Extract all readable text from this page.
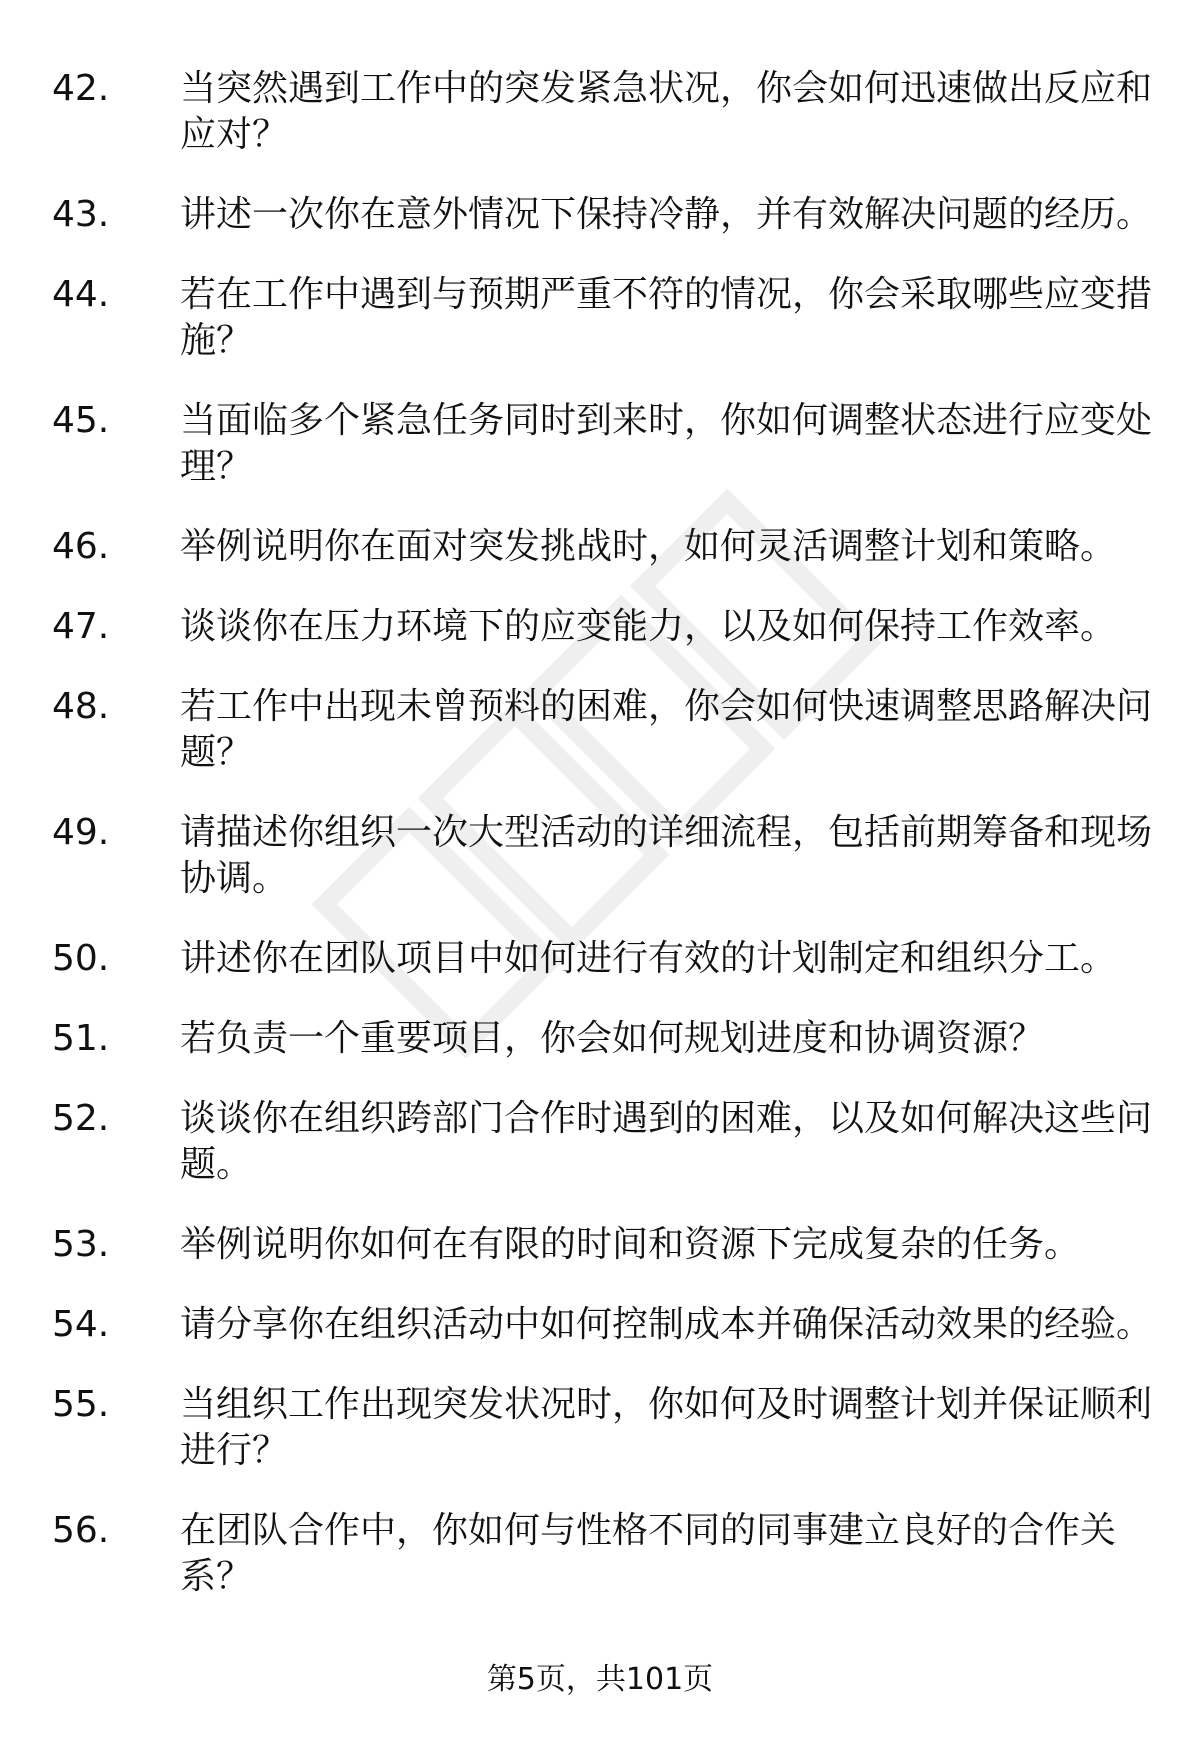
42.	当突然遇到工作中的突发紧急状况，你会如何迅速做出反应和应对？
43.	讲述一次你在意外情况下保持冷静，并有效解决问题的经历。
44.	若在工作中遇到与预期严重不符的情况，你会采取哪些应变措施？
45.	当面临多个紧急任务同时到来时，你如何调整状态进行应变处理？
46.	举例说明你在面对突发挑战时，如何灵活调整计划和策略。
47.	谈谈你在压力环境下的应变能力，以及如何保持工作效率。
48.	若工作中出现未曾预料的困难，你会如何快速调整思路解决问题？
49.	请描述你组织一次大型活动的详细流程，包括前期筹备和现场协调。
50.	讲述你在团队项目中如何进行有效的计划制定和组织分工。
51.	若负责一个重要项目，你会如何规划进度和协调资源？
52.	谈谈你在组织跨部门合作时遇到的困难，以及如何解决这些问题。
53.	举例说明你如何在有限的时间和资源下完成复杂的任务。
54.	请分享你在组织活动中如何控制成本并确保活动效果的经验。
55.	当组织工作出现突发状况时，你如何及时调整计划并保证顺利进行？
56.	在团队合作中，你如何与性格不同的同事建立良好的合作关系？
第5页，共101页
